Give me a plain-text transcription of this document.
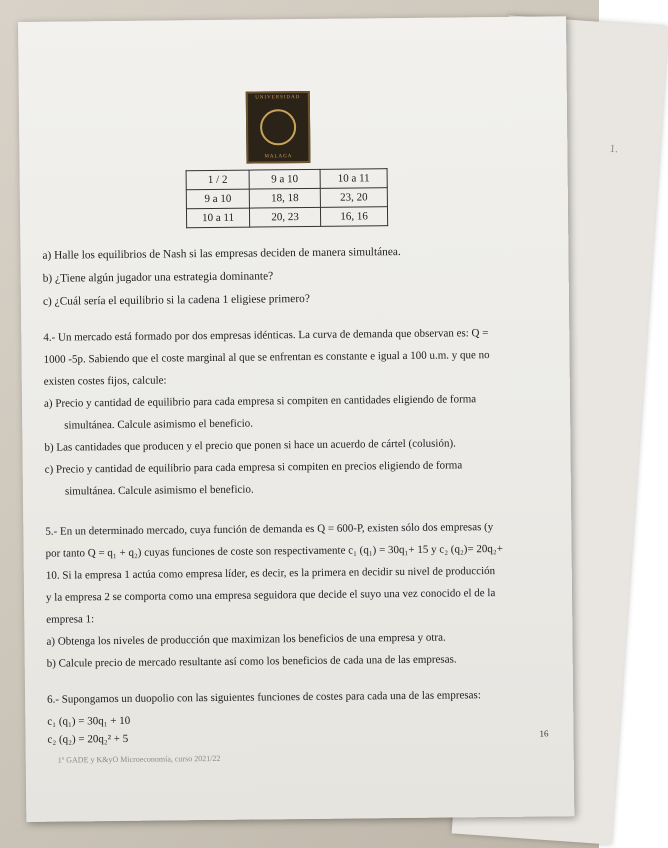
1.
UNIVERSIDAD
MALAGA
1 / 2	9 a 10	10 a 11
9 a 10	18, 18	23, 20
10 a 11	20, 23	16, 16
a) Halle los equilibrios de Nash si las empresas deciden de manera simultánea.
b) ¿Tiene algún jugador una estrategia dominante?
c) ¿Cuál sería el equilibrio si la cadena 1 eligiese primero?
4.- Un mercado está formado por dos empresas idénticas. La curva de demanda que observan es: Q =
1000 -5p. Sabiendo que el coste marginal al que se enfrentan es constante e igual a 100 u.m. y que no
existen costes fijos, calcule:
a) Precio y cantidad de equilibrio para cada empresa si compiten en cantidades eligiendo de forma
simultánea. Calcule asimismo el beneficio.
b) Las cantidades que producen y el precio que ponen si hace un acuerdo de cártel (colusión).
c) Precio y cantidad de equilibrio para cada empresa si compiten en precios eligiendo de forma
simultánea. Calcule asimismo el beneficio.
5.- En un determinado mercado, cuya función de demanda es Q = 600-P, existen sólo dos empresas (y
por tanto Q = q₁ + q₂) cuyas funciones de coste son respectivamente c₁ (q₁) = 30q₁+ 15 y c₂ (q₂)= 20q₂+
10. Si la empresa 1 actúa como empresa líder, es decir, es la primera en decidir su nivel de producción
y la empresa 2 se comporta como una empresa seguidora que decide el suyo una vez conocido el de la
empresa 1:
a) Obtenga los niveles de producción que maximizan los beneficios de una empresa y otra.
b) Calcule precio de mercado resultante así como los beneficios de cada una de las empresas.
6.- Supongamos un duopolio con las siguientes funciones de costes para cada una de las empresas:
c₁ (q₁) = 30q₁ + 10
c₂ (q₂) = 20q₂² + 5	16
1º GADE y K&yO Microeconomía, curso 2021/22
